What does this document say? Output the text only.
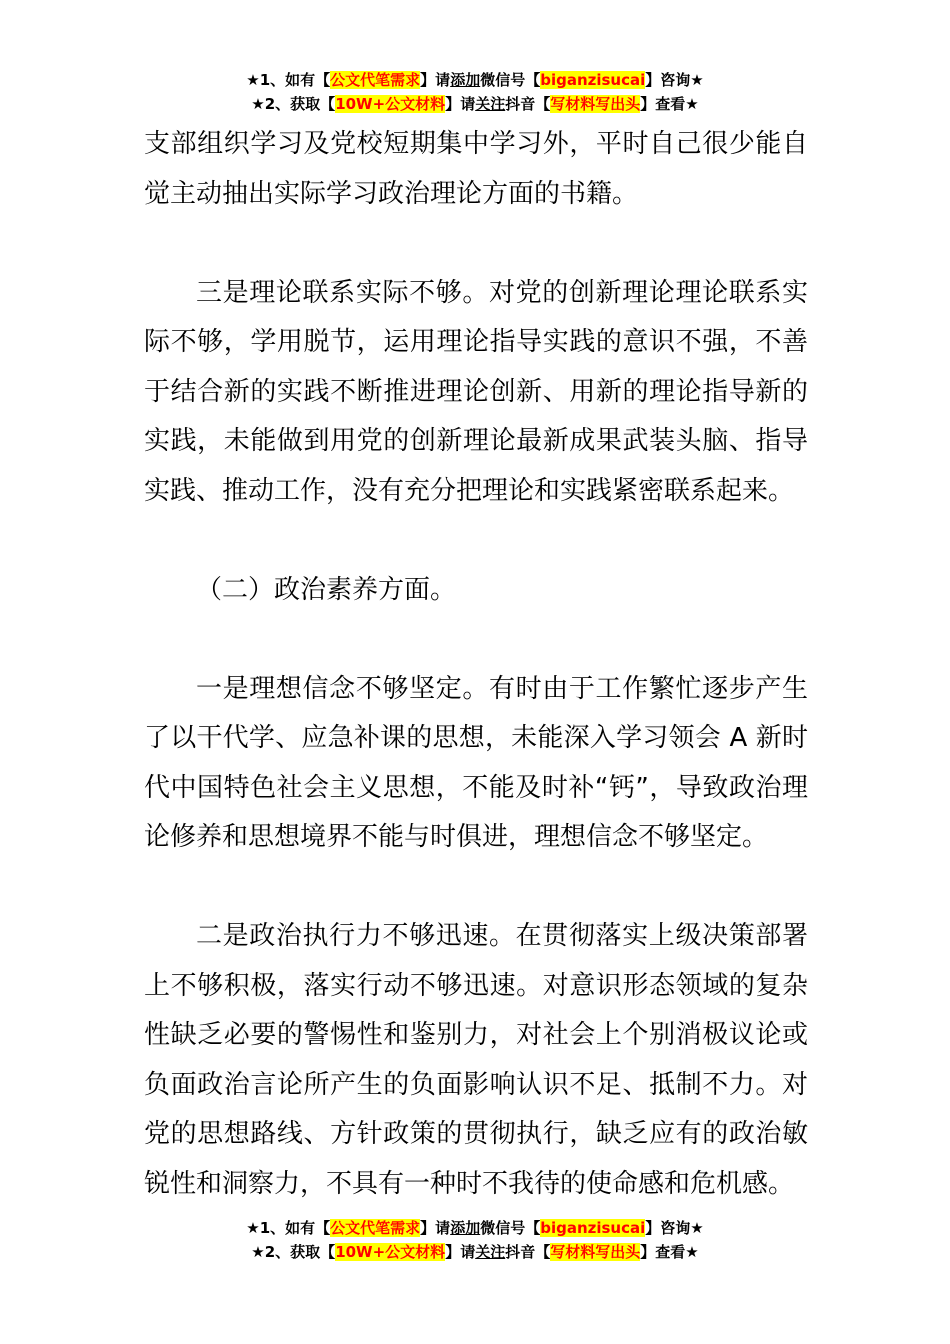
★1、如有【公文代笔需求】请添加微信号【biganzisucai】咨询★
★2、获取【10W+公文材料】请关注抖音【写材料写出头】查看★

支部组织学习及党校短期集中学习外，平时自己很少能自觉主动抽出实际学习政治理论方面的书籍。

三是理论联系实际不够。对党的创新理论理论联系实际不够，学用脱节，运用理论指导实践的意识不强，不善于结合新的实践不断推进理论创新、用新的理论指导新的实践，未能做到用党的创新理论最新成果武装头脑、指导实践、推动工作，没有充分把理论和实践紧密联系起来。

（二）政治素养方面。

一是理想信念不够坚定。有时由于工作繁忙逐步产生了以干代学、应急补课的思想，未能深入学习领会 A 新时代中国特色社会主义思想，不能及时补“钙”，导致政治理论修养和思想境界不能与时俱进，理想信念不够坚定。

二是政治执行力不够迅速。在贯彻落实上级决策部署上不够积极，落实行动不够迅速。对意识形态领域的复杂性缺乏必要的警惕性和鉴别力，对社会上个别消极议论或负面政治言论所产生的负面影响认识不足、抵制不力。对党的思想路线、方针政策的贯彻执行，缺乏应有的政治敏锐性和洞察力，不具有一种时不我待的使命感和危机感。

★1、如有【公文代笔需求】请添加微信号【biganzisucai】咨询★
★2、获取【10W+公文材料】请关注抖音【写材料写出头】查看★
